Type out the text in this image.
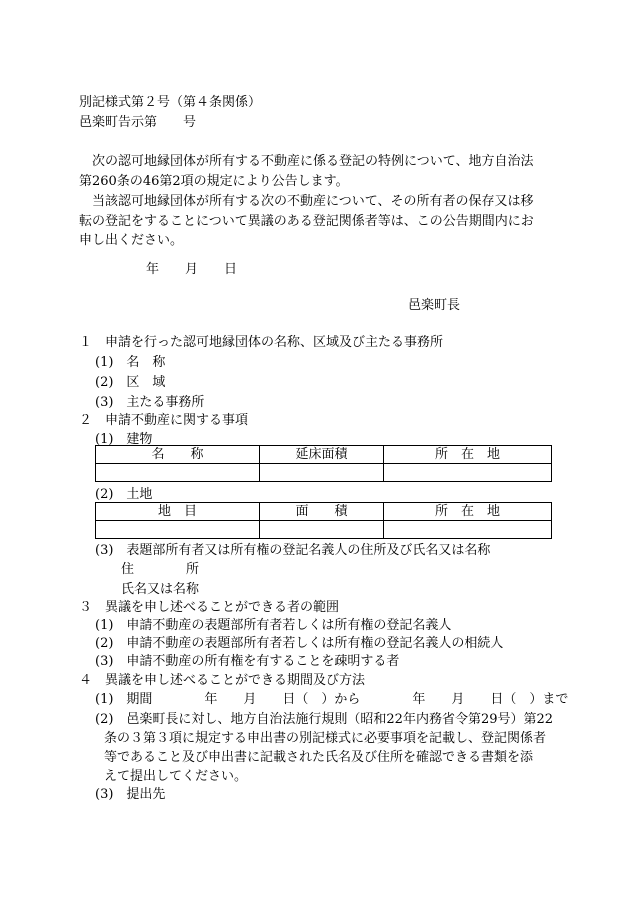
別記様式第２号（第４条関係）
邑楽町告示第　　号
次の認可地縁団体が所有する不動産に係る登記の特例について、地方自治法
第260条の46第2項の規定により公告します。
当該認可地縁団体が所有する次の不動産について、その所有者の保存又は移
転の登記をすることについて異議のある登記関係者等は、この公告期間内にお
申し出ください。
年　　月　　日
邑楽町長
１　申請を行った認可地縁団体の名称、区域及び主たる事務所
(1)　名　称
(2)　区　域
(3)　主たる事務所
２　申請不動産に関する事項
(1)　建物
名　　称	延床面積	所　在　地

(2)　土地
地　目	面　　積	所　在　地

(3)　表題部所有者又は所有権の登記名義人の住所及び氏名又は名称
住　　　　所
氏名又は名称
３　異議を申し述べることができる者の範囲
(1)　申請不動産の表題部所有者若しくは所有権の登記名義人
(2)　申請不動産の表題部所有者若しくは所有権の登記名義人の相続人
(3)　申請不動産の所有権を有することを疎明する者
４　異議を申し述べることができる期間及び方法
(1)　期間　　　　年　　月　　日（　）から　　　　年　　月　　日（　）まで
(2)　邑楽町長に対し、地方自治法施行規則（昭和22年内務省令第29号）第22
条の３第３項に規定する申出書の別記様式に必要事項を記載し、登記関係者
等であること及び申出書に記載された氏名及び住所を確認できる書類を添
えて提出してください。
(3)　提出先
